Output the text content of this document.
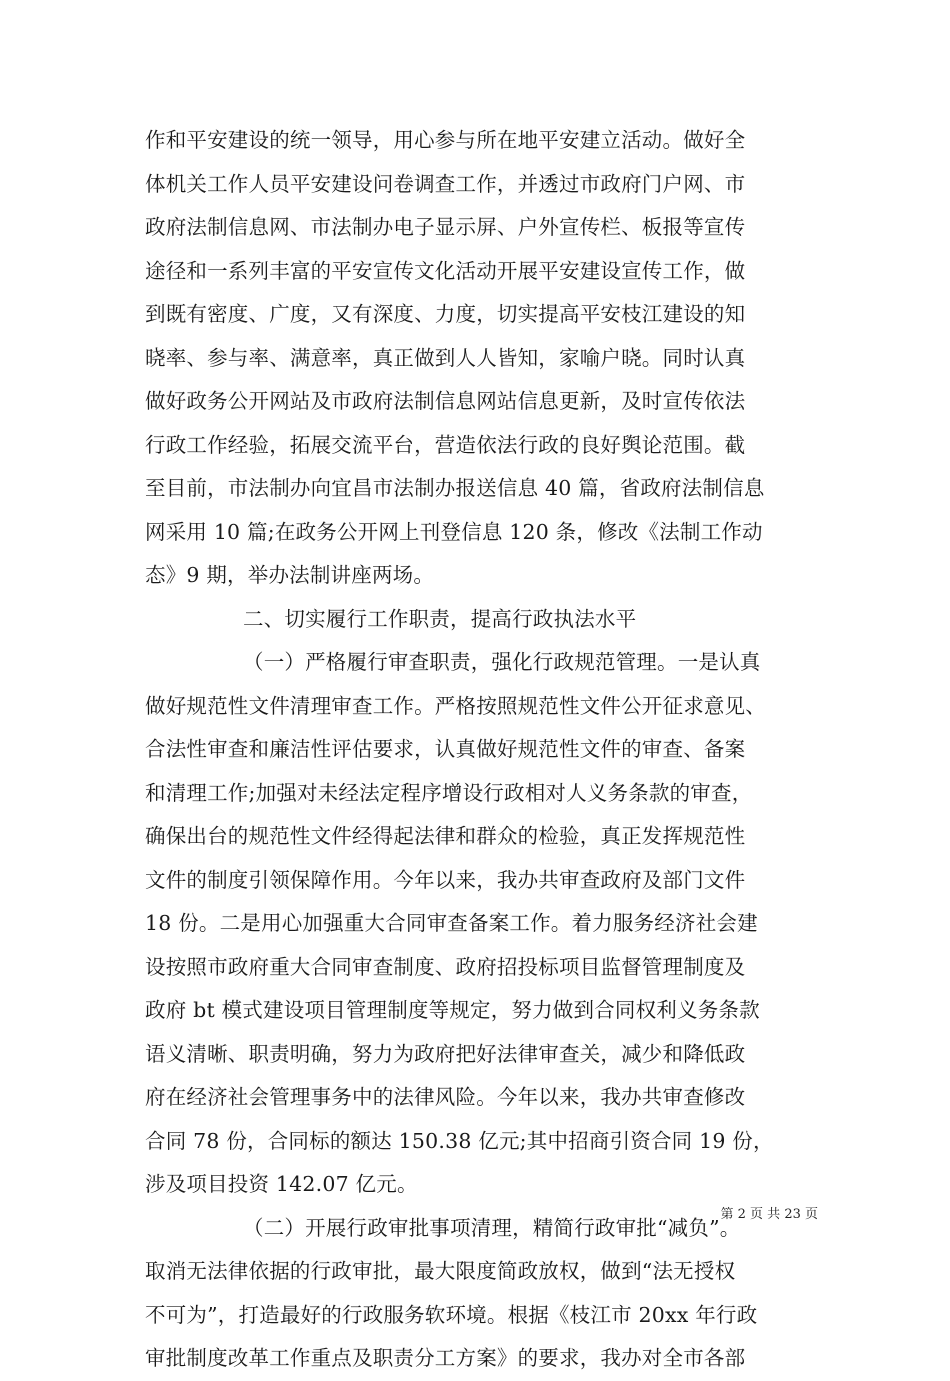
作和平安建设的统一领导，用心参与所在地平安建立活动。做好全
体机关工作人员平安建设问卷调查工作，并透过市政府门户网、市
政府法制信息网、市法制办电子显示屏、户外宣传栏、板报等宣传
途径和一系列丰富的平安宣传文化活动开展平安建设宣传工作，做
到既有密度、广度，又有深度、力度，切实提高平安枝江建设的知
晓率、参与率、满意率，真正做到人人皆知，家喻户晓。同时认真
做好政务公开网站及市政府法制信息网站信息更新，及时宣传依法
行政工作经验，拓展交流平台，营造依法行政的良好舆论范围。截
至目前，市法制办向宜昌市法制办报送信息 40 篇，省政府法制信息
网采用 10 篇;在政务公开网上刊登信息 120 条，修改《法制工作动
态》9 期，举办法制讲座两场。
二、切实履行工作职责，提高行政执法水平
（一）严格履行审查职责，强化行政规范管理。一是认真
做好规范性文件清理审查工作。严格按照规范性文件公开征求意见、
合法性审查和廉洁性评估要求，认真做好规范性文件的审查、备案
和清理工作;加强对未经法定程序增设行政相对人义务条款的审查，
确保出台的规范性文件经得起法律和群众的检验，真正发挥规范性
文件的制度引领保障作用。今年以来，我办共审查政府及部门文件
18 份。二是用心加强重大合同审查备案工作。着力服务经济社会建
设按照市政府重大合同审查制度、政府招投标项目监督管理制度及
政府 bt 模式建设项目管理制度等规定，努力做到合同权利义务条款
语义清晰、职责明确，努力为政府把好法律审查关，减少和降低政
府在经济社会管理事务中的法律风险。今年以来，我办共审查修改
合同 78 份，合同标的额达 150.38 亿元;其中招商引资合同 19 份，
涉及项目投资 142.07 亿元。
（二）开展行政审批事项清理，精简行政审批“减负”。
取消无法律依据的行政审批，最大限度简政放权，做到“法无授权
不可为”，打造最好的行政服务软环境。根据《枝江市 20xx 年行政
审批制度改革工作重点及职责分工方案》的要求，我办对全市各部
第 2 页 共 23 页
